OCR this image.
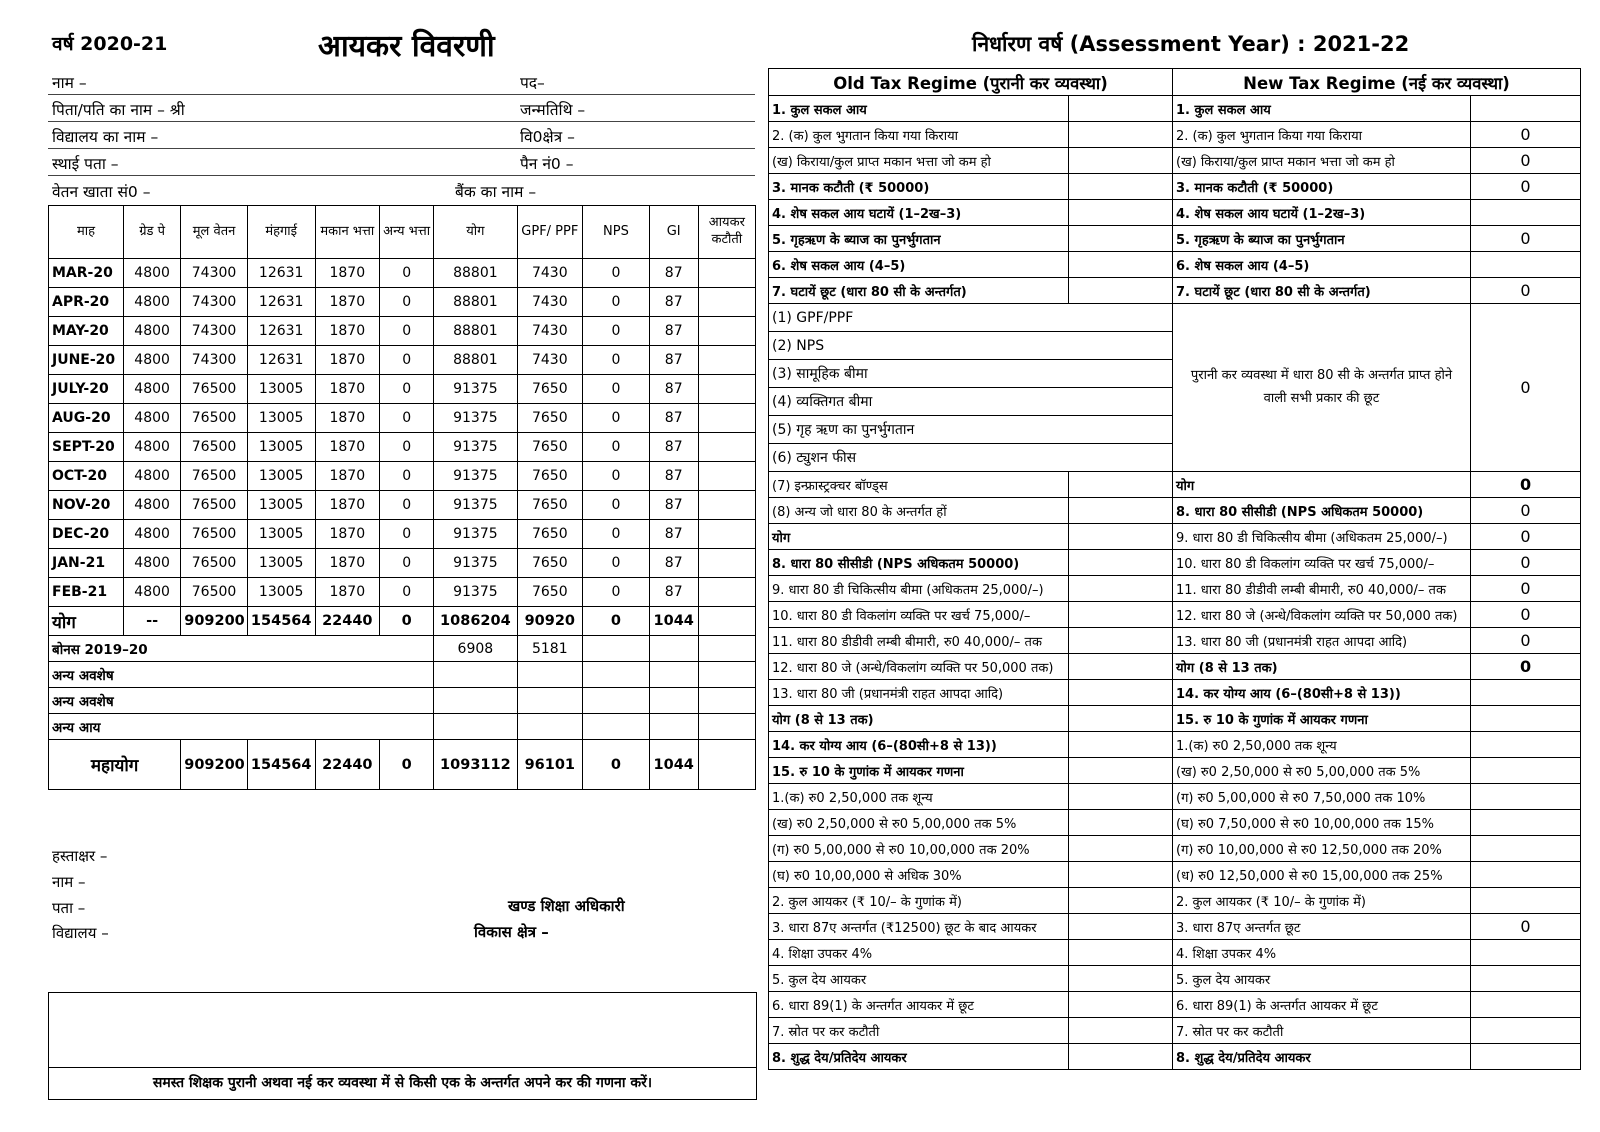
वर्ष 2020-21	आयकर विवरणी	निर्धारण वर्ष (Assessment Year) : 2021-22
नाम –	पद–
पिता/पति का नाम – श्री	जन्मतिथि –
विद्यालय का नाम –	वि0क्षेत्र –
स्थाई पता –	पैन नं0 –
वेतन खाता सं0 –	बैंक का नाम –
माह	ग्रेड पे	मूल वेतन	मंहगाई	मकान भत्ता	अन्य भत्ता	योग	GPF/ PPF	NPS	GI	आयकर कटौती
MAR-20	4800	74300	12631	1870	0	88801	7430	0	87	
APR-20	4800	74300	12631	1870	0	88801	7430	0	87	
MAY-20	4800	74300	12631	1870	0	88801	7430	0	87	
JUNE-20	4800	74300	12631	1870	0	88801	7430	0	87	
JULY-20	4800	76500	13005	1870	0	91375	7650	0	87	
AUG-20	4800	76500	13005	1870	0	91375	7650	0	87	
SEPT-20	4800	76500	13005	1870	0	91375	7650	0	87	
OCT-20	4800	76500	13005	1870	0	91375	7650	0	87	
NOV-20	4800	76500	13005	1870	0	91375	7650	0	87	
DEC-20	4800	76500	13005	1870	0	91375	7650	0	87	
JAN-21	4800	76500	13005	1870	0	91375	7650	0	87	
FEB-21	4800	76500	13005	1870	0	91375	7650	0	87	
योग	--	909200	154564	22440	0	1086204	90920	0	1044	
बोनस 2019–20						6908	5181			
अन्य अवशेष										
अन्य अवशेष										
अन्य आय										
महायोग		909200	154564	22440	0	1093112	96101	0	1044	
हस्ताक्षर –
नाम –
पता –
विद्यालय –
खण्ड शिक्षा अधिकारी
विकास क्षेत्र –
समस्त शिक्षक पुरानी अथवा नई कर व्यवस्था में से किसी एक के अन्तर्गत अपने कर की गणना करें।
Old Tax Regime (पुरानी कर व्यवस्था)		New Tax Regime (नई कर व्यवस्था)	
1. कुल सकल आय		1. कुल सकल आय	
2. (क) कुल भुगतान किया गया किराया		2. (क) कुल भुगतान किया गया किराया	0
(ख) किराया/कुल प्राप्त मकान भत्ता जो कम हो		(ख) किराया/कुल प्राप्त मकान भत्ता जो कम हो	0
3. मानक कटौती (₹ 50000)		3. मानक कटौती (₹ 50000)	0
4. शेष सकल आय घटायें (1–2ख–3)		4. शेष सकल आय घटायें (1–2ख–3)	
5. गृहऋण के ब्याज का पुनर्भुगतान		5. गृहऋण के ब्याज का पुनर्भुगतान	0
6. शेष सकल आय (4–5)		6. शेष सकल आय (4–5)	
7. घटायें छूट (धारा 80 सी के अन्तर्गत)		7. घटायें छूट (धारा 80 सी के अन्तर्गत)	0
(1) GPF/PPF		पुरानी कर व्यवस्था में धारा 80 सी के अन्तर्गत प्राप्त होने वाली सभी प्रकार की छूट	0
(2) NPS			
(3) सामूहिक बीमा			
(4) व्यक्तिगत बीमा			
(5) गृह ऋण का पुनर्भुगतान			
(6) ट्युशन फीस			
(7) इन्फ्रास्ट्रक्चर बॉण्ड्स		योग	0
(8) अन्य जो धारा 80 के अन्तर्गत हों		8. धारा 80 सीसीडी (NPS अधिकतम 50000)	0
योग		9. धारा 80 डी चिकित्सीय बीमा (अधिकतम 25,000/–)	0
8. धारा 80 सीसीडी (NPS अधिकतम 50000)		10. धारा 80 डी विकलांग व्यक्ति पर खर्च 75,000/–	0
9. धारा 80 डी चिकित्सीय बीमा (अधिकतम 25,000/–)		11. धारा 80 डीडीवी लम्बी बीमारी, रु0 40,000/– तक	0
10. धारा 80 डी विकलांग व्यक्ति पर खर्च 75,000/–		12. धारा 80 जे (अन्धे/विकलांग व्यक्ति पर 50,000 तक)	0
11. धारा 80 डीडीवी लम्बी बीमारी, रु0 40,000/– तक		13. धारा 80 जी (प्रधानमंत्री राहत आपदा आदि)	0
12. धारा 80 जे (अन्धे/विकलांग व्यक्ति पर 50,000 तक)		योग (8 से 13 तक)	0
13. धारा 80 जी (प्रधानमंत्री राहत आपदा आदि)		14. कर योग्य आय (6–(80सी+8 से 13))	
योग (8 से 13 तक)		15. रु 10 के गुणांक में आयकर गणना	
14. कर योग्य आय (6–(80सी+8 से 13))		1.(क) रु0 2,50,000 तक शून्य	
15. रु 10 के गुणांक में आयकर गणना		(ख) रु0 2,50,000 से रु0 5,00,000 तक 5%	
1.(क) रु0 2,50,000 तक शून्य		(ग) रु0 5,00,000 से रु0 7,50,000 तक 10%	
(ख) रु0 2,50,000 से रु0 5,00,000 तक 5%		(घ) रु0 7,50,000 से रु0 10,00,000 तक 15%	
(ग) रु0 5,00,000 से रु0 10,00,000 तक 20%		(ग) रु0 10,00,000 से रु0 12,50,000 तक 20%	
(घ) रु0 10,00,000 से अधिक 30%		(ध) रु0 12,50,000 से रु0 15,00,000 तक 25%	
2. कुल आयकर (₹ 10/– के गुणांक में)		2. कुल आयकर (₹ 10/– के गुणांक में)	
3. धारा 87ए अन्तर्गत (₹12500) छूट के बाद आयकर		3. धारा 87ए अन्तर्गत छूट	0
4. शिक्षा उपकर 4%		4. शिक्षा उपकर 4%	
5. कुल देय आयकर		5. कुल देय आयकर	
6. धारा 89(1) के अन्तर्गत आयकर में छूट		6. धारा 89(1) के अन्तर्गत आयकर में छूट	
7. स्रोत पर कर कटौती		7. स्रोत पर कर कटौती	
8. शुद्ध देय/प्रतिदेय आयकर		8. शुद्ध देय/प्रतिदेय आयकर	
